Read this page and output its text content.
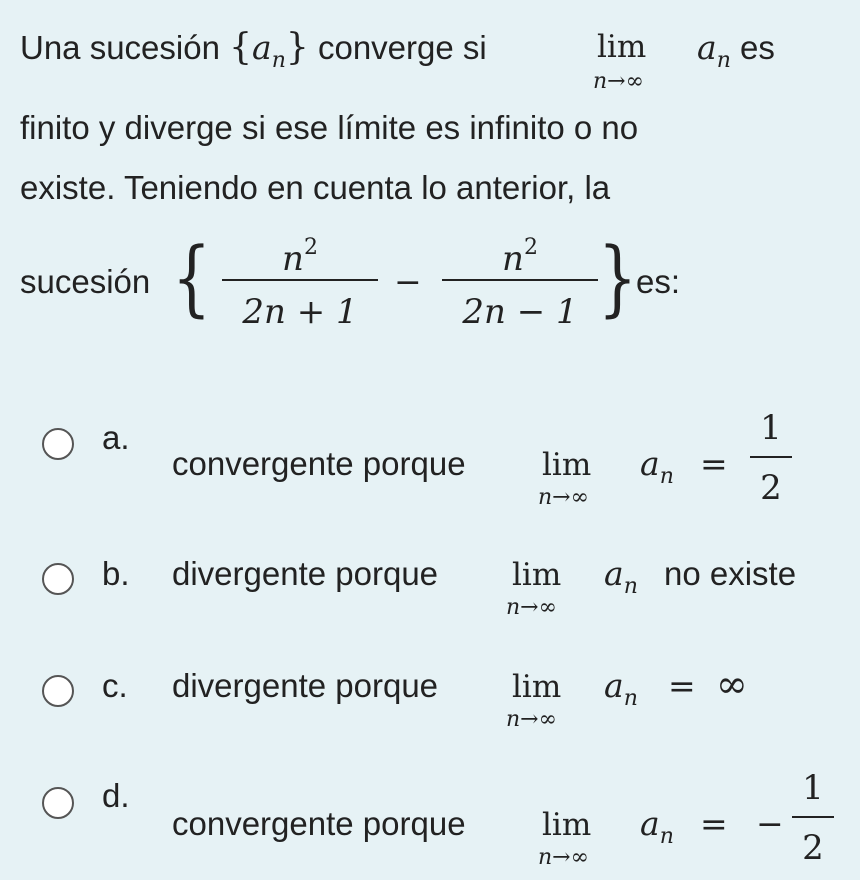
Una sucesión $\{a_n\}$ converge si	lim
n→∞
$a_n$ es
finito y diverge si ese límite es infinito o no
existe. Teniendo en cuenta lo anterior, la
sucesión {	$n^2$
2n + 1
−
$n^2$
2n − 1 }
es:
a.
convergente porque lim
n→∞
$a_n$ =
1
2
b. divergente porque lim
n→∞
$a_n$ no existe
c. divergente porque lim
n→∞
$a_n$ = ∞
d.
convergente porque lim
n→∞
$a_n$ = −
1
2
